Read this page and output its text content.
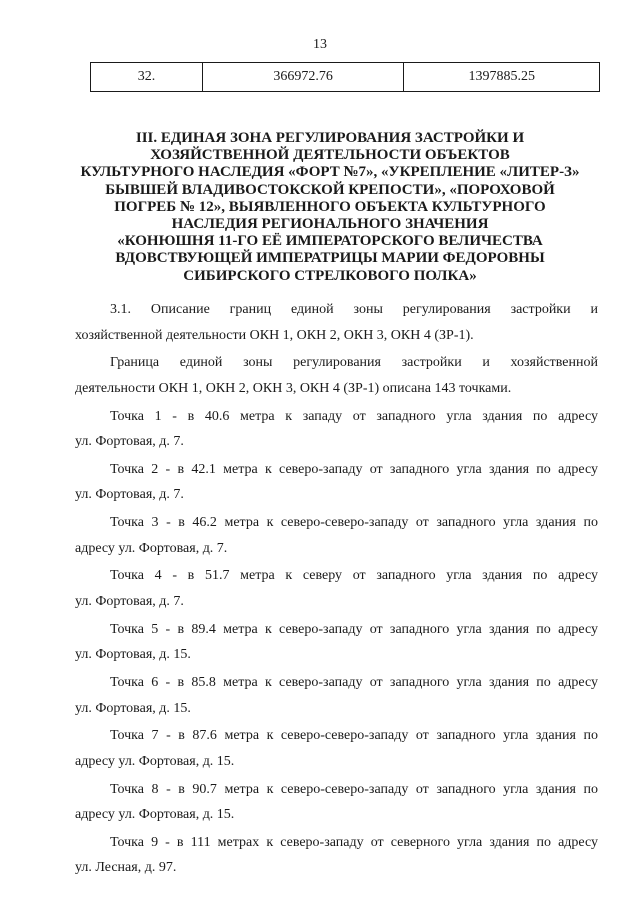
13
32.	366972.76	1397885.25
III. ЕДИНАЯ ЗОНА РЕГУЛИРОВАНИЯ ЗАСТРОЙКИ И
ХОЗЯЙСТВЕННОЙ ДЕЯТЕЛЬНОСТИ ОБЪЕКТОВ
КУЛЬТУРНОГО НАСЛЕДИЯ «ФОРТ №7», «УКРЕПЛЕНИЕ «ЛИТЕР-З»
БЫВШЕЙ ВЛАДИВОСТОКСКОЙ КРЕПОСТИ», «ПОРОХОВОЙ
ПОГРЕБ № 12», ВЫЯВЛЕННОГО ОБЪЕКТА КУЛЬТУРНОГО
НАСЛЕДИЯ РЕГИОНАЛЬНОГО ЗНАЧЕНИЯ
«КОНЮШНЯ 11-ГО ЕЁ ИМПЕРАТОРСКОГО ВЕЛИЧЕСТВА
ВДОВСТВУЮЩЕЙ ИМПЕРАТРИЦЫ МАРИИ ФЕДОРОВНЫ
СИБИРСКОГО СТРЕЛКОВОГО ПОЛКА»

3.1. Описание границ единой зоны регулирования застройки и
хозяйственной деятельности ОКН 1, ОКН 2, ОКН 3, ОКН 4 (ЗР-1).

Граница единой зоны регулирования застройки и хозяйственной
деятельности ОКН 1, ОКН 2, ОКН 3, ОКН 4 (ЗР-1) описана 143 точками.

Точка 1 - в 40.6 метра к западу от западного угла здания по адресу
ул. Фортовая, д. 7.

Точка 2 - в 42.1 метра к северо-западу от западного угла здания по адресу
ул. Фортовая, д. 7.

Точка 3 - в 46.2 метра к северо-северо-западу от западного угла здания по
адресу ул. Фортовая, д. 7.

Точка 4 - в 51.7 метра к северу от западного угла здания по адресу
ул. Фортовая, д. 7.

Точка 5 - в 89.4 метра к северо-западу от западного угла здания по адресу
ул. Фортовая, д. 15.

Точка 6 - в 85.8 метра к северо-западу от западного угла здания по адресу
ул. Фортовая, д. 15.

Точка 7 - в 87.6 метра к северо-северо-западу от западного угла здания по
адресу ул. Фортовая, д. 15.

Точка 8 - в 90.7 метра к северо-северо-западу от западного угла здания по
адресу ул. Фортовая, д. 15.

Точка 9 - в 111 метрах к северо-западу от северного угла здания по адресу
ул. Лесная, д. 97.
